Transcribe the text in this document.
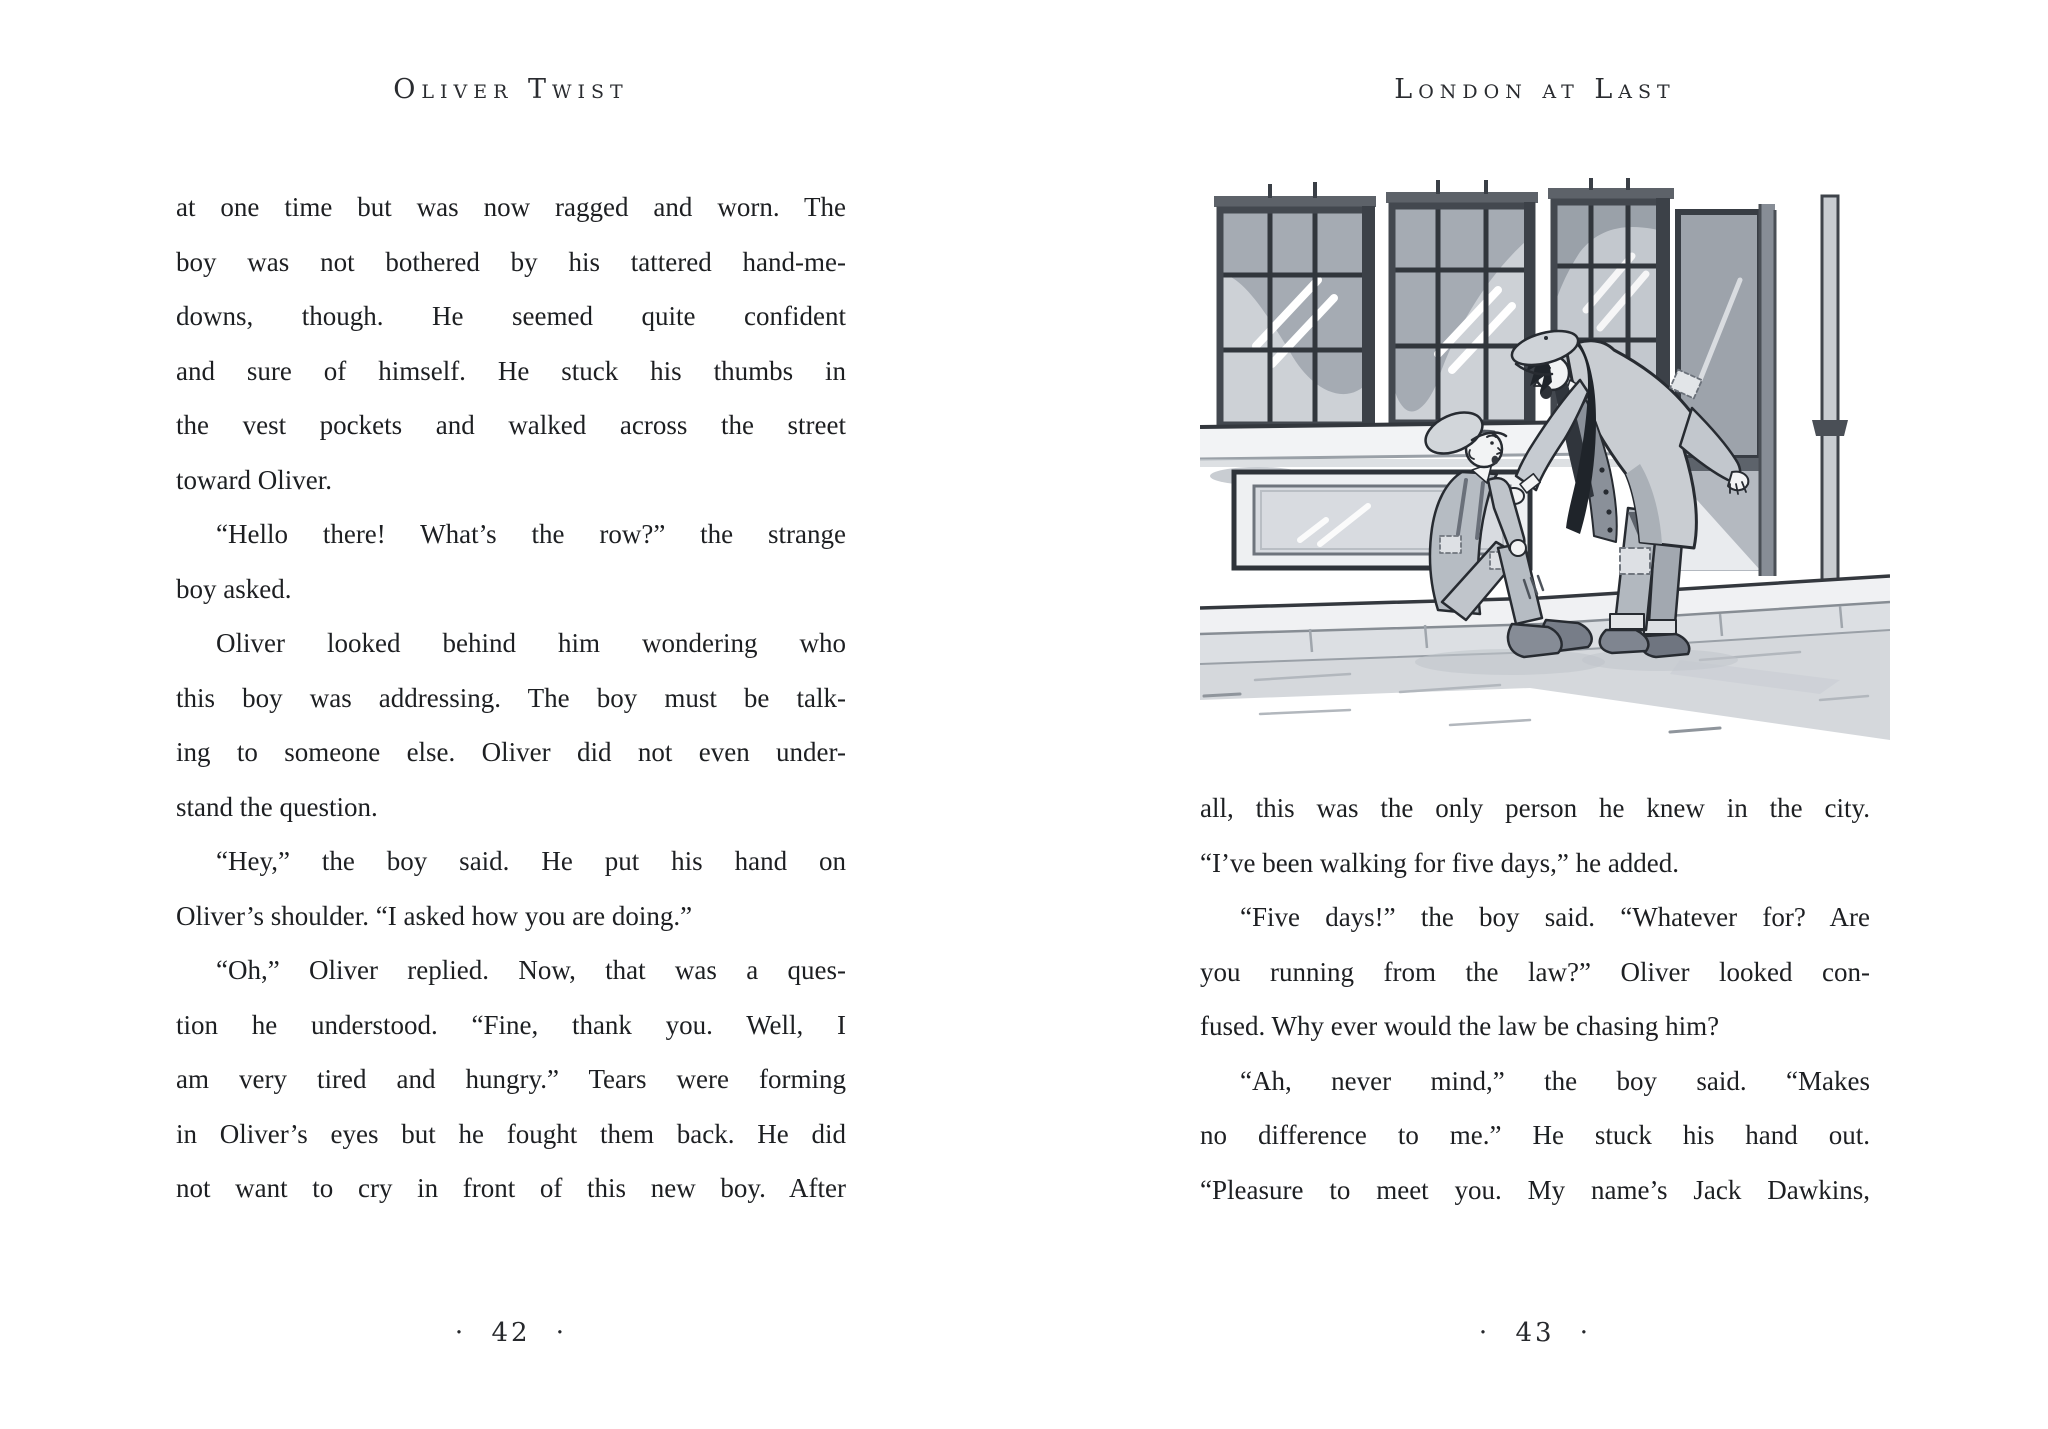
Oliver Twist
at one time but was now ragged and worn. The
boy was not bothered by his tattered hand-me-
downs, though. He seemed quite confident
and sure of himself. He stuck his thumbs in
the vest pockets and walked across the street
toward Oliver.
“Hello there! What’s the row?” the strange
boy asked.
Oliver looked behind him wondering who
this boy was addressing. The boy must be talk-
ing to someone else. Oliver did not even under-
stand the question.
“Hey,” the boy said. He put his hand on
Oliver’s shoulder. “I asked how you are doing.”
“Oh,” Oliver replied. Now, that was a ques-
tion he understood. “Fine, thank you. Well, I
am very tired and hungry.” Tears were forming
in Oliver’s eyes but he fought them back. He did
not want to cry in front of this new boy. After
· 42 ·
London at Last
all, this was the only person he knew in the city.
“I’ve been walking for five days,” he added.
“Five days!” the boy said. “Whatever for? Are
you running from the law?” Oliver looked con-
fused. Why ever would the law be chasing him?
“Ah, never mind,” the boy said. “Makes
no difference to me.” He stuck his hand out.
“Pleasure to meet you. My name’s Jack Dawkins,
· 43 ·
